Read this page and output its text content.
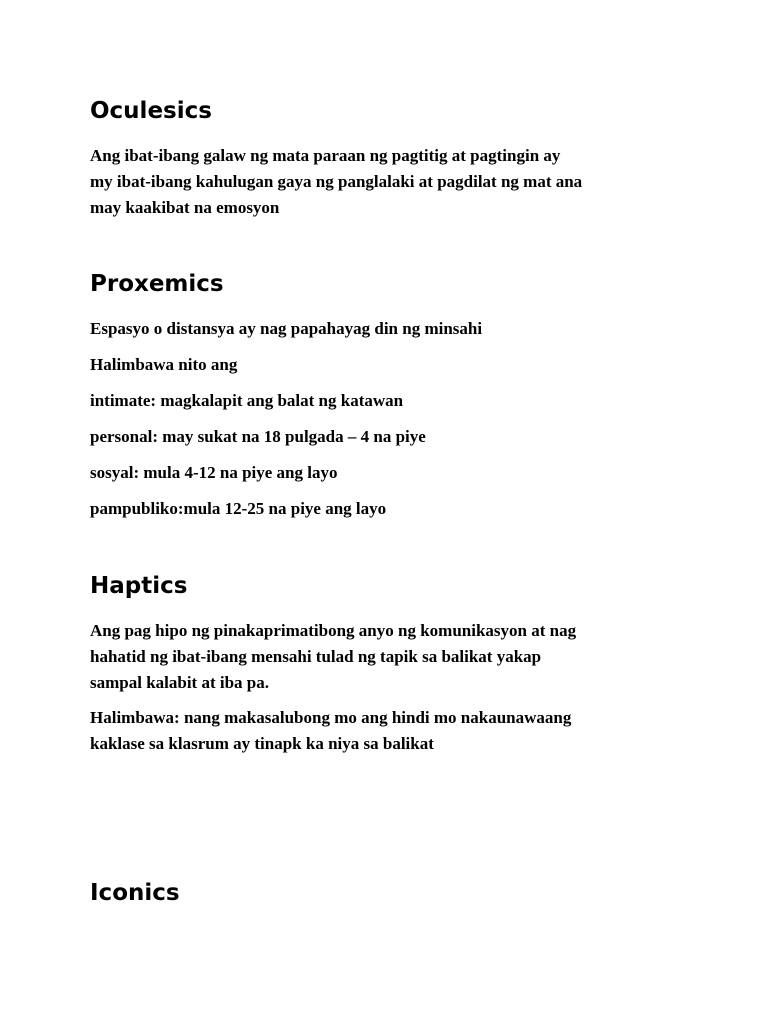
Oculesics

Ang ibat-ibang galaw ng mata paraan ng pagtitig at pagtingin ay
my ibat-ibang kahulugan gaya ng panglalaki at pagdilat ng mat ana
may kaakibat na emosyon

Proxemics

Espasyo o distansya ay nag papahayag din ng minsahi

Halimbawa nito ang

intimate: magkalapit ang balat ng katawan

personal: may sukat na 18 pulgada – 4 na piye

sosyal: mula 4-12 na piye ang layo

pampubliko:mula 12-25 na piye ang layo

Haptics

Ang pag hipo ng pinakaprimatibong anyo ng komunikasyon at nag
hahatid ng ibat-ibang mensahi tulad ng tapik sa balikat yakap
sampal kalabit at iba pa.

Halimbawa: nang makasalubong mo ang hindi mo nakaunawaang
kaklase sa klasrum ay tinapk ka niya sa balikat

Iconics
